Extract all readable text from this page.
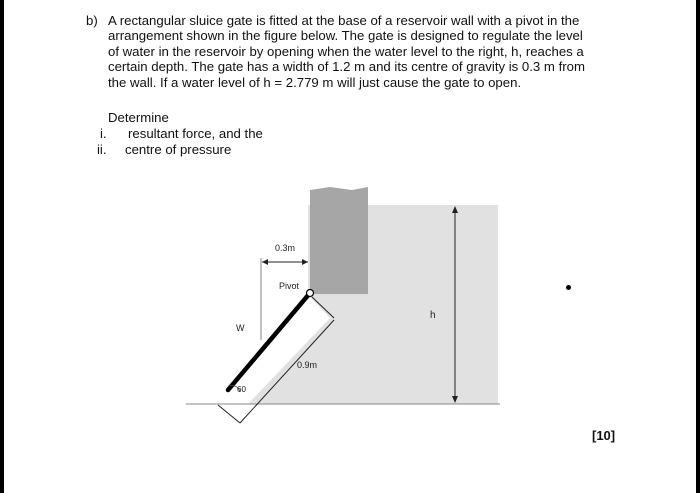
b) A rectangular sluice gate is fitted at the base of a reservoir wall with a pivot in the
arrangement shown in the figure below. The gate is designed to regulate the level
of water in the reservoir by opening when the water level to the right, h, reaches a
certain depth. The gate has a width of 1.2 m and its centre of gravity is 0.3 m from
the wall. If a water level of h = 2.779 m will just cause the gate to open.
Determine
i. resultant force, and the
ii. centre of pressure
h
0.3m
Pivot
0.9m
W
60
[10]
